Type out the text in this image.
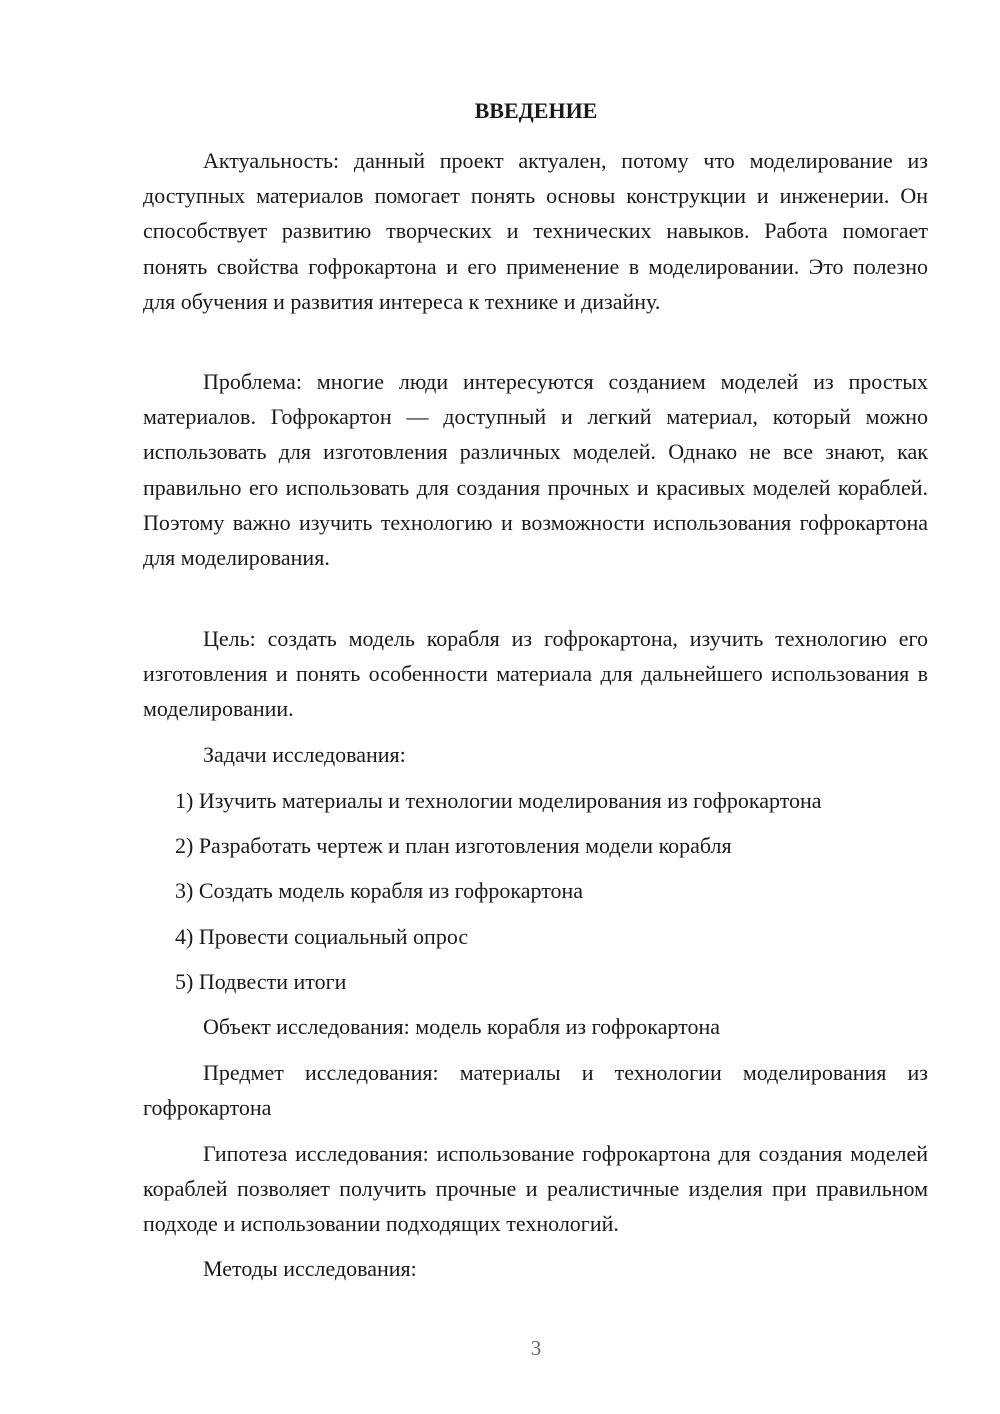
ВВЕДЕНИЕ

Актуальность: данный проект актуален, потому что моделирование из доступных материалов помогает понять основы конструкции и инженерии. Он способствует развитию творческих и технических навыков. Работа помогает понять свойства гофрокартона и его применение в моделировании. Это полезно для обучения и развития интереса к технике и дизайну.

Проблема: многие люди интересуются созданием моделей из простых материалов. Гофрокартон — доступный и легкий материал, который можно использовать для изготовления различных моделей. Однако не все знают, как правильно его использовать для создания прочных и красивых моделей кораблей. Поэтому важно изучить технологию и возможности использования гофрокартона для моделирования.

Цель: создать модель корабля из гофрокартона, изучить технологию его изготовления и понять особенности материала для дальнейшего использования в моделировании.

Задачи исследования:

1) Изучить материалы и технологии моделирования из гофрокартона

2) Разработать чертеж и план изготовления модели корабля

3) Создать модель корабля из гофрокартона

4) Провести социальный опрос

5) Подвести итоги

Объект исследования: модель корабля из гофрокартона

Предмет исследования: материалы и технологии моделирования из гофрокартона

Гипотеза исследования: использование гофрокартона для создания моделей кораблей позволяет получить прочные и реалистичные изделия при правильном подходе и использовании подходящих технологий.

Методы исследования:

3
